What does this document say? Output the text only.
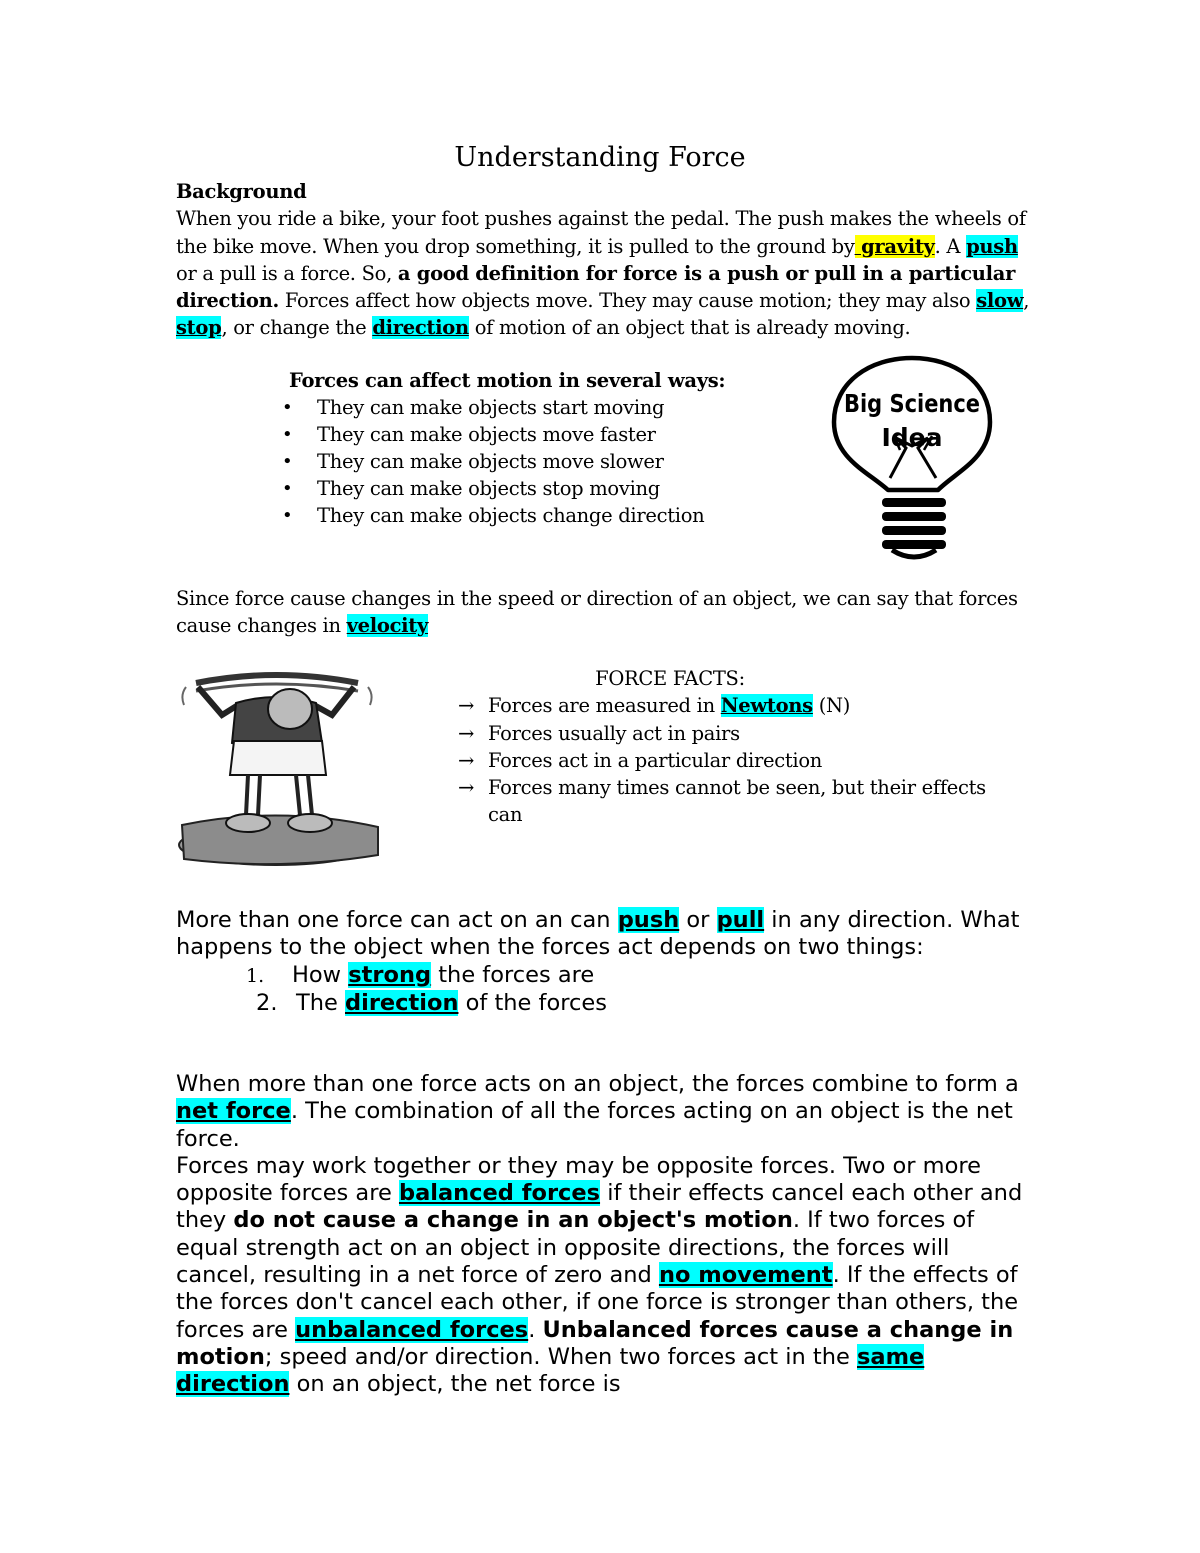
Understanding Force
Background
When you ride a bike, your foot pushes against the pedal. The push makes the wheels of the bike move. When you drop something, it is pulled to the ground by gravity. A push or a pull is a force. So, a good definition for force is a push or pull in a particular direction. Forces affect how objects move. They may cause motion; they may also slow, stop, or change the direction of motion of an object that is already moving.
Forces can affect motion in several ways:
• They can make objects start moving
• They can make objects move faster
• They can make objects move slower
• They can make objects stop moving
• They can make objects change direction
Big Science
Idea
Since force cause changes in the speed or direction of an object, we can say that forces cause changes in velocity
FORCE FACTS:
→ Forces are measured in Newtons (N)
→ Forces usually act in pairs
→ Forces act in a particular direction
→ Forces many times cannot be seen, but their effects can
More than one force can act on an can push or pull in any direction. What happens to the object when the forces act depends on two things:
1. How strong the forces are
2. The direction of the forces
When more than one force acts on an object, the forces combine to form a net force. The combination of all the forces acting on an object is the net force.
Forces may work together or they may be opposite forces. Two or more opposite forces are balanced forces if their effects cancel each other and they do not cause a change in an object's motion. If two forces of equal strength act on an object in opposite directions, the forces will cancel, resulting in a net force of zero and no movement. If the effects of the forces don't cancel each other, if one force is stronger than others, the forces are unbalanced forces. Unbalanced forces cause a change in motion; speed and/or direction. When two forces act in the same direction on an object, the net force is
